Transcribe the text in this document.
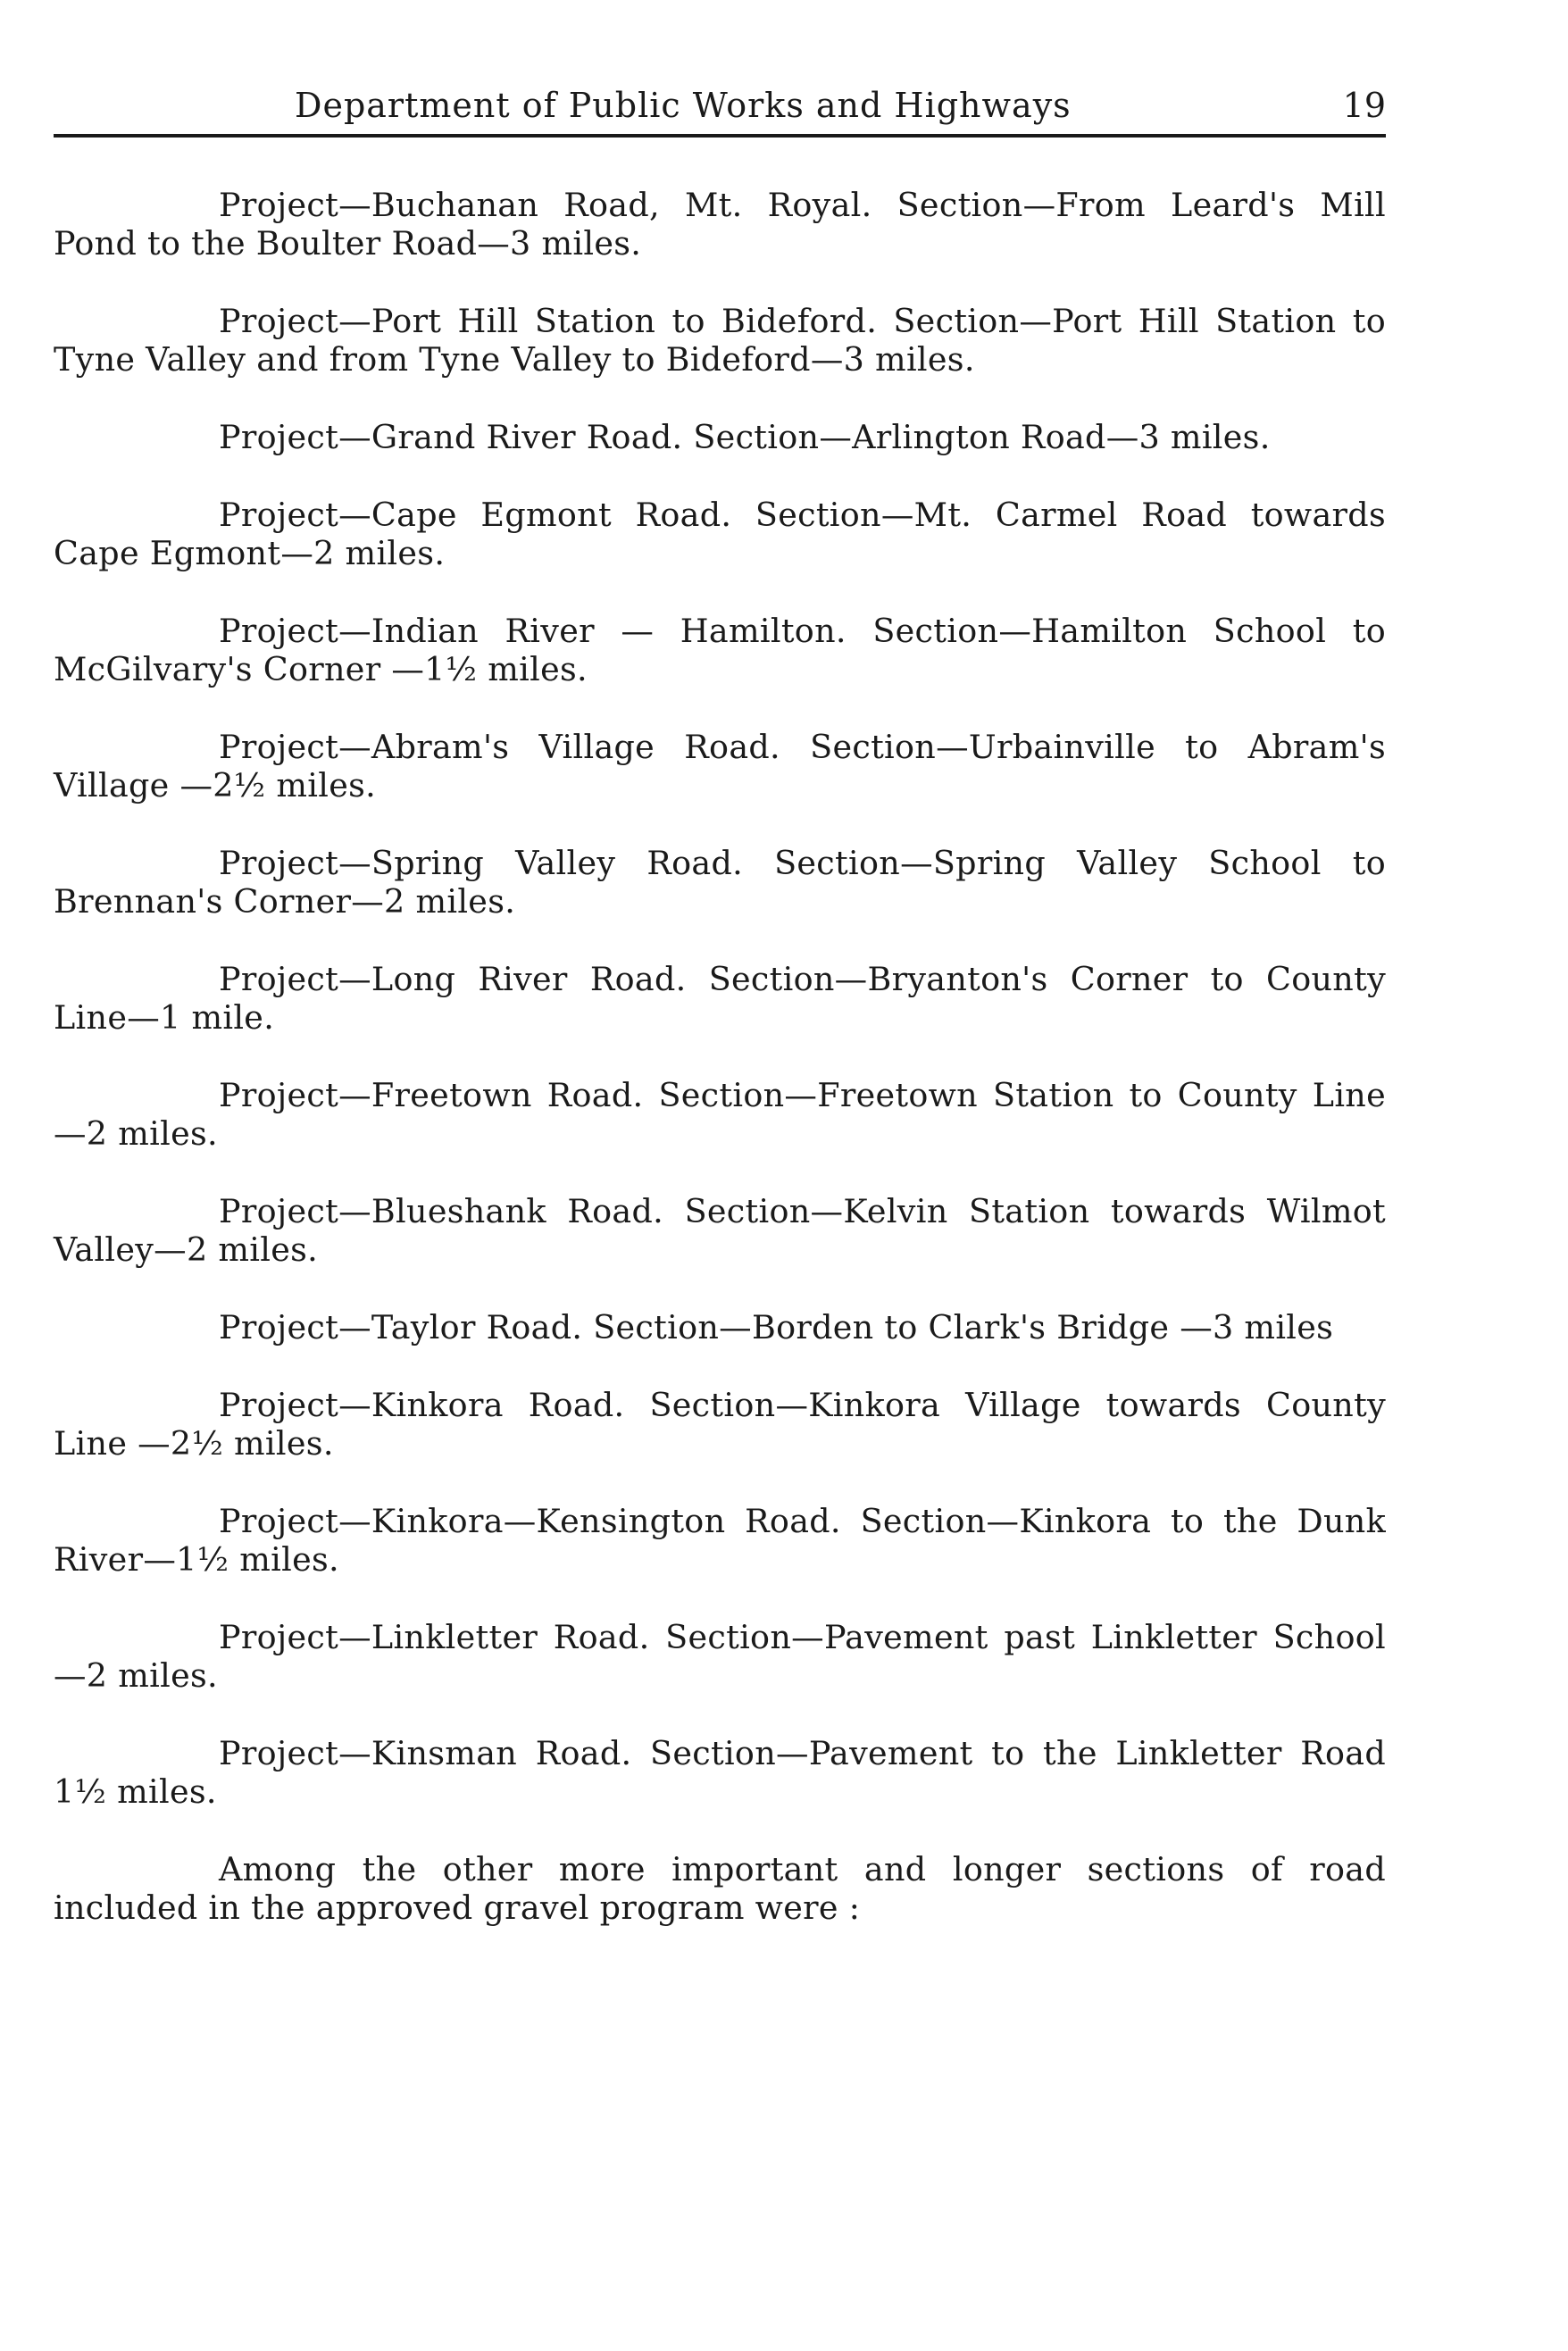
Department of Public Works and Highways	19

Project—Buchanan Road, Mt. Royal. Section—From Leard's Mill Pond to the Boulter Road—3 miles.

Project—Port Hill Station to Bideford. Section—Port Hill Station to Tyne Valley and from Tyne Valley to Bideford—3 miles.

Project—Grand River Road. Section—Arlington Road—3 miles.

Project—Cape Egmont Road. Section—Mt. Carmel Road towards Cape Egmont—2 miles.

Project—Indian River — Hamilton. Section—Hamilton School to McGilvary's Corner —1½ miles.

Project—Abram's Village Road. Section—Urbainville to Abram's Village —2½ miles.

Project—Spring Valley Road. Section—Spring Valley School to Brennan's Corner—2 miles.

Project—Long River Road. Section—Bryanton's Corner to County Line—1 mile.

Project—Freetown Road. Section—Freetown Station to County Line—2 miles.

Project—Blueshank Road. Section—Kelvin Station towards Wilmot Valley—2 miles.

Project—Taylor Road. Section—Borden to Clark's Bridge —3 miles

Project—Kinkora Road. Section—Kinkora Village towards County Line —2½ miles.

Project—Kinkora—Kensington Road. Section—Kinkora to the Dunk River—1½ miles.

Project—Linkletter Road. Section—Pavement past Linkletter School—2 miles.

Project—Kinsman Road. Section—Pavement to the Linkletter Road 1½ miles.

Among the other more important and longer sections of road included in the approved gravel program were :
